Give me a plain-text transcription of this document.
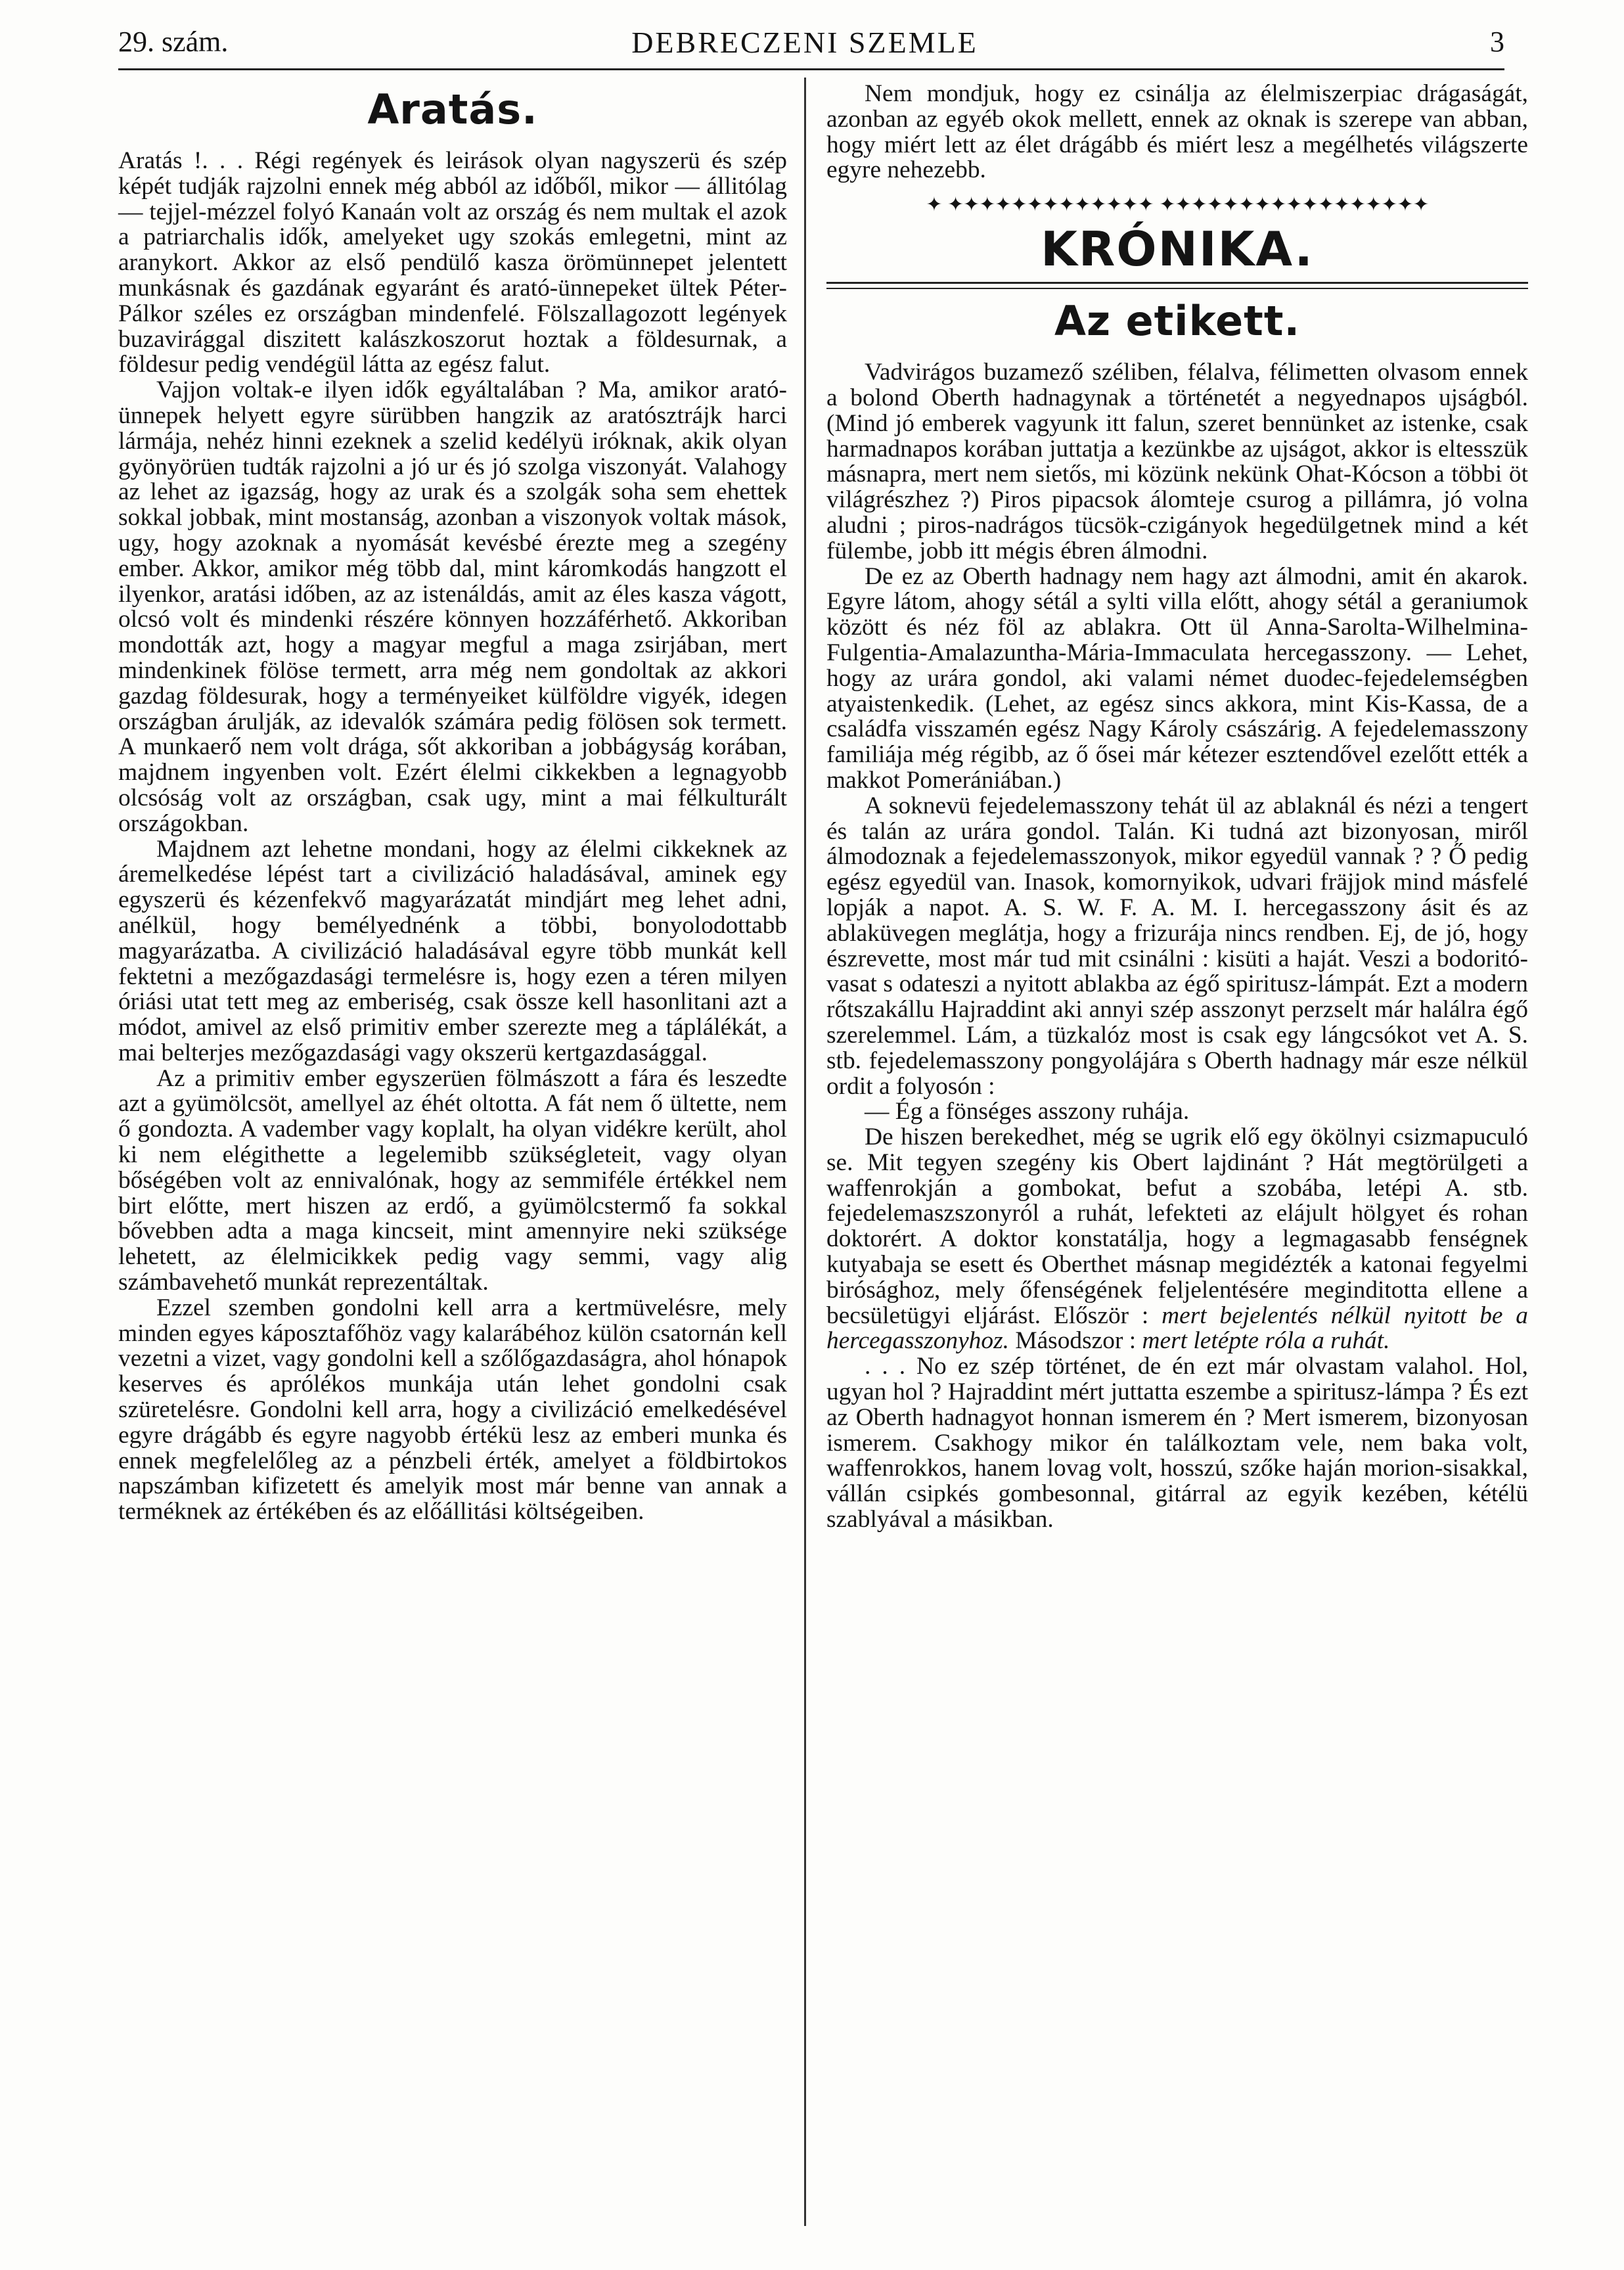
29. szám.	DEBRECZENI SZEMLE	3
Aratás.

Aratás !. . . Régi regények és leirások olyan nagyszerü és szép képét tudják rajzolni ennek még abból az időből, mikor — állitólag — tejjel-mézzel folyó Kanaán volt az ország és nem multak el azok a patriarchalis idők, amelyeket ugy szokás emlegetni, mint az aranykort. Akkor az első pendülő kasza örömünnepet jelentett munkásnak és gazdának egyaránt és arató-ünnepeket ültek Péter-Pálkor széles ez országban mindenfelé. Fölszallagozott legények buzavirággal diszitett kalászkoszorut hoztak a földesurnak, a földesur pedig vendégül látta az egész falut.

Vajjon voltak-e ilyen idők egyáltalában ? Ma, amikor arató-ünnepek helyett egyre sürübben hangzik az aratósztrájk harci lármája, nehéz hinni ezeknek a szelid kedélyü iróknak, akik olyan gyönyörüen tudták rajzolni a jó ur és jó szolga viszonyát. Valahogy az lehet az igazság, hogy az urak és a szolgák soha sem ehettek sokkal jobbak, mint mostanság, azonban a viszonyok voltak mások, ugy, hogy azoknak a nyomását kevésbé érezte meg a szegény ember. Akkor, amikor még több dal, mint káromkodás hangzott el ilyenkor, aratási időben, az az istenáldás, amit az éles kasza vágott, olcsó volt és mindenki részére könnyen hozzáférhető. Akkoriban mondották azt, hogy a magyar megful a maga zsirjában, mert mindenkinek fölöse termett, arra még nem gondoltak az akkori gazdag földesurak, hogy a terményeiket külföldre vigyék, idegen országban árulják, az idevalók számára pedig fölösen sok termett. A munkaerő nem volt drága, sőt akkoriban a jobbágyság korában, majdnem ingyenben volt. Ezért élelmi cikkekben a legnagyobb olcsóság volt az országban, csak ugy, mint a mai félkulturált országokban.

Majdnem azt lehetne mondani, hogy az élelmi cikkeknek az áremelkedése lépést tart a civilizáció haladásával, aminek egy egyszerü és kézenfekvő magyarázatát mindjárt meg lehet adni, anélkül, hogy bemélyednénk a többi, bonyolodottabb magyarázatba. A civilizáció haladásával egyre több munkát kell fektetni a mezőgazdasági termelésre is, hogy ezen a téren milyen óriási utat tett meg az emberiség, csak össze kell hasonlitani azt a módot, amivel az első primitiv ember szerezte meg a táplálékát, a mai belterjes mezőgazdasági vagy okszerü kertgazdasággal.

Az a primitiv ember egyszerüen fölmászott a fára és leszedte azt a gyümölcsöt, amellyel az éhét oltotta. A fát nem ő ültette, nem ő gondozta. A vadember vagy koplalt, ha olyan vidékre került, ahol ki nem elégithette a legelemibb szükségleteit, vagy olyan bőségében volt az ennivalónak, hogy az semmiféle értékkel nem birt előtte, mert hiszen az erdő, a gyümölcstermő fa sokkal bővebben adta a maga kincseit, mint amennyire neki szüksége lehetett, az élelmicikkek pedig vagy semmi, vagy alig számbavehető munkát reprezentáltak.

Ezzel szemben gondolni kell arra a kertmüvelésre, mely minden egyes káposztafőhöz vagy kalarábéhoz külön csatornán kell vezetni a vizet, vagy gondolni kell a szőlőgazdaságra, ahol hónapok keserves és aprólékos munkája után lehet gondolni csak szüretelésre. Gondolni kell arra, hogy a civilizáció emelkedésével egyre drágább és egyre nagyobb értékü lesz az emberi munka és ennek megfelelőleg az a pénzbeli érték, amelyet a földbirtokos napszámban kifizetett és amelyik most már benne van annak a terméknek az értékében és az előállitási költségeiben.

Nem mondjuk, hogy ez csinálja az élelmiszerpiac drágaságát, azonban az egyéb okok mellett, ennek az oknak is szerepe van abban, hogy miért lett az élet drágább és miért lesz a megélhetés világszerte egyre nehezebb.

✦ ✦✦✦✦✦✦✦✦✦✦✦✦✦ ✦✦✦✦✦✦✦✦✦✦✦✦✦✦✦✦✦
KRÓNIKA.
Az etikett.

Vadvirágos buzamező széliben, félalva, félimetten olvasom ennek a bolond Oberth hadnagynak a történetét a negyednapos ujságból. (Mind jó emberek vagyunk itt falun, szeret bennünket az istenke, csak harmadnapos korában juttatja a kezünkbe az ujságot, akkor is eltesszük másnapra, mert nem sietős, mi közünk nekünk Ohat-Kócson a többi öt világrészhez ?) Piros pipacsok álomteje csurog a pillámra, jó volna aludni ; piros-nadrágos tücsök-czigányok hegedülgetnek mind a két fülembe, jobb itt mégis ébren álmodni.

De ez az Oberth hadnagy nem hagy azt álmodni, amit én akarok. Egyre látom, ahogy sétál a sylti villa előtt, ahogy sétál a geraniumok között és néz föl az ablakra. Ott ül Anna-Sarolta-Wilhelmina-Fulgentia-Amalazuntha-Mária-Immaculata hercegasszony. — Lehet, hogy az urára gondol, aki valami német duodec-fejedelemségben atyaistenkedik. (Lehet, az egész sincs akkora, mint Kis-Kassa, de a családfa visszamén egész Nagy Károly császárig. A fejedelemasszony familiája még régibb, az ő ősei már kétezer esztendővel ezelőtt ették a makkot Pomerániában.)

A soknevü fejedelemasszony tehát ül az ablaknál és nézi a tengert és talán az urára gondol. Talán. Ki tudná azt bizonyosan, miről álmodoznak a fejedelemasszonyok, mikor egyedül vannak ? ? Ő pedig egész egyedül van. Inasok, komornyikok, udvari fräjjok mind másfelé lopják a napot. A. S. W. F. A. M. I. hercegasszony ásit és az ablaküvegen meglátja, hogy a frizurája nincs rendben. Ej, de jó, hogy észrevette, most már tud mit csinálni : kisüti a haját. Veszi a bodoritó-vasat s odateszi a nyitott ablakba az égő spiritusz-lámpát. Ezt a modern rőtszakállu Hajraddint aki annyi szép asszonyt perzselt már halálra égő szerelemmel. Lám, a tüzkalóz most is csak egy lángcsókot vet A. S. stb. fejedelemasszony pongyolájára s Oberth hadnagy már esze nélkül ordit a folyosón :

— Ég a fönséges asszony ruhája.

De hiszen berekedhet, még se ugrik elő egy ökölnyi csizmapuculó se. Mit tegyen szegény kis Obert lajdinánt ? Hát megtörülgeti a waffenrokján a gombokat, befut a szobába, letépi A. stb. fejedelemaszszonyról a ruhát, lefekteti az elájult hölgyet és rohan doktorért. A doktor konstatálja, hogy a legmagasabb fenségnek kutyabaja se esett és Oberthet másnap megidézték a katonai fegyelmi birósághoz, mely őfenségének feljelentésére meginditotta ellene a becsületügyi eljárást. Először : mert bejelentés nélkül nyitott be a hercegasszonyhoz. Másodszor : mert letépte róla a ruhát.

. . . No ez szép történet, de én ezt már olvastam valahol. Hol, ugyan hol ? Hajraddint mért juttatta eszembe a spiritusz-lámpa ? És ezt az Oberth hadnagyot honnan ismerem én ? Mert ismerem, bizonyosan ismerem. Csakhogy mikor én találkoztam vele, nem baka volt, waffenrokkos, hanem lovag volt, hosszú, szőke haján morion-sisakkal, vállán csipkés gombesonnal, gitárral az egyik kezében, kétélü szablyával a másikban.
